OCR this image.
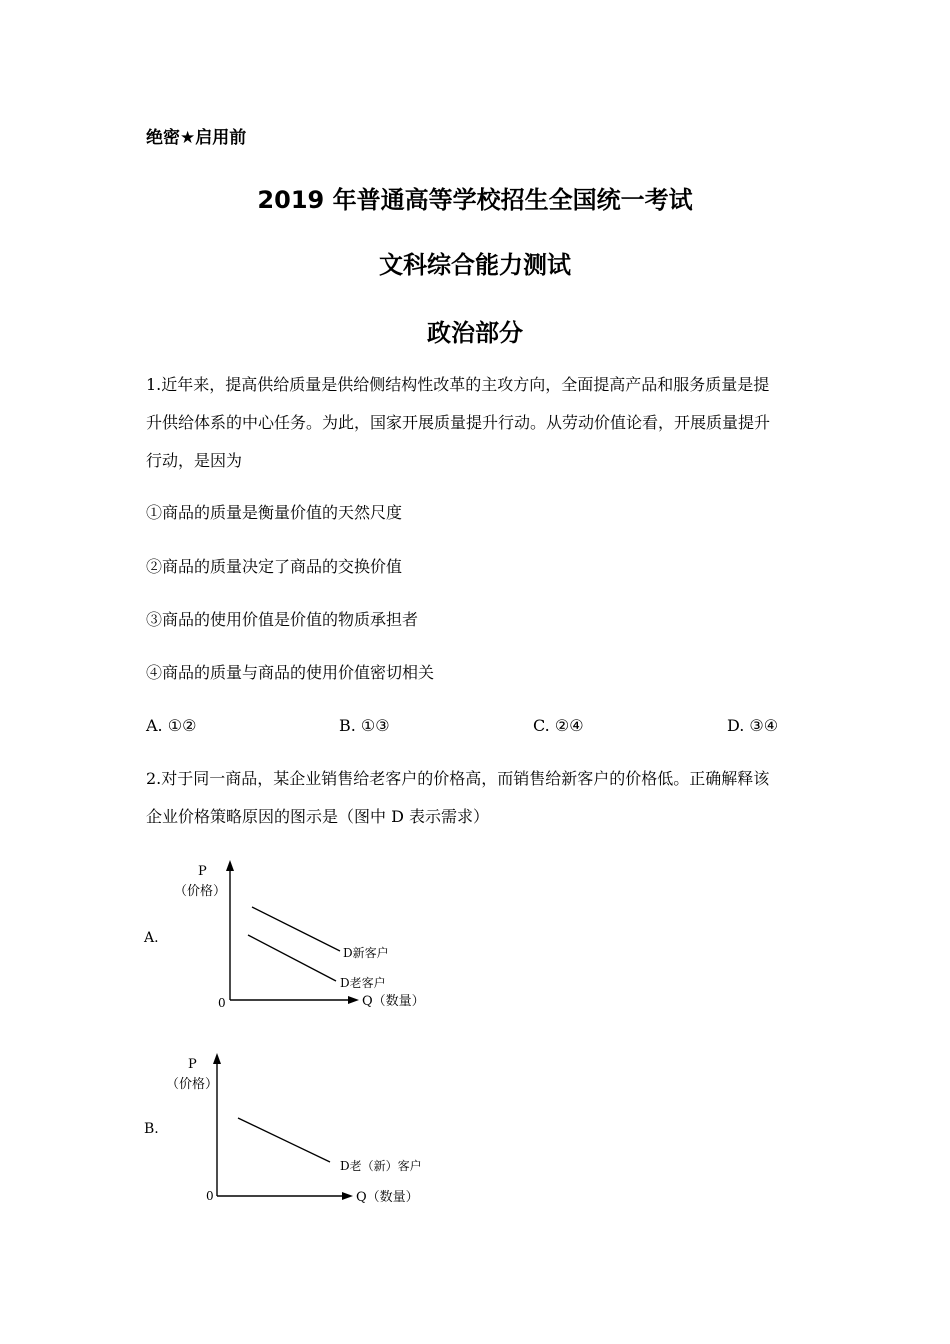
绝密★启用前
2019 年普通高等学校招生全国统一考试
文科综合能力测试
政治部分
1.近年来，提高供给质量是供给侧结构性改革的主攻方向，全面提高产品和服务质量是提
升供给体系的中心任务。为此，国家开展质量提升行动。从劳动价值论看，开展质量提升
行动，是因为
①商品的质量是衡量价值的天然尺度
②商品的质量决定了商品的交换价值
③商品的使用价值是价值的物质承担者
④商品的质量与商品的使用价值密切相关
A. ①②	B. ①③	C. ②④	D. ③④
2.对于同一商品，某企业销售给老客户的价格高，而销售给新客户的价格低。正确解释该
企业价格策略原因的图示是（图中 D 表示需求）
A.
P
（价格）
0	Q（数量）
D新客户
D老客户
B.
P
（价格）
0	Q（数量）
D老（新）客户
